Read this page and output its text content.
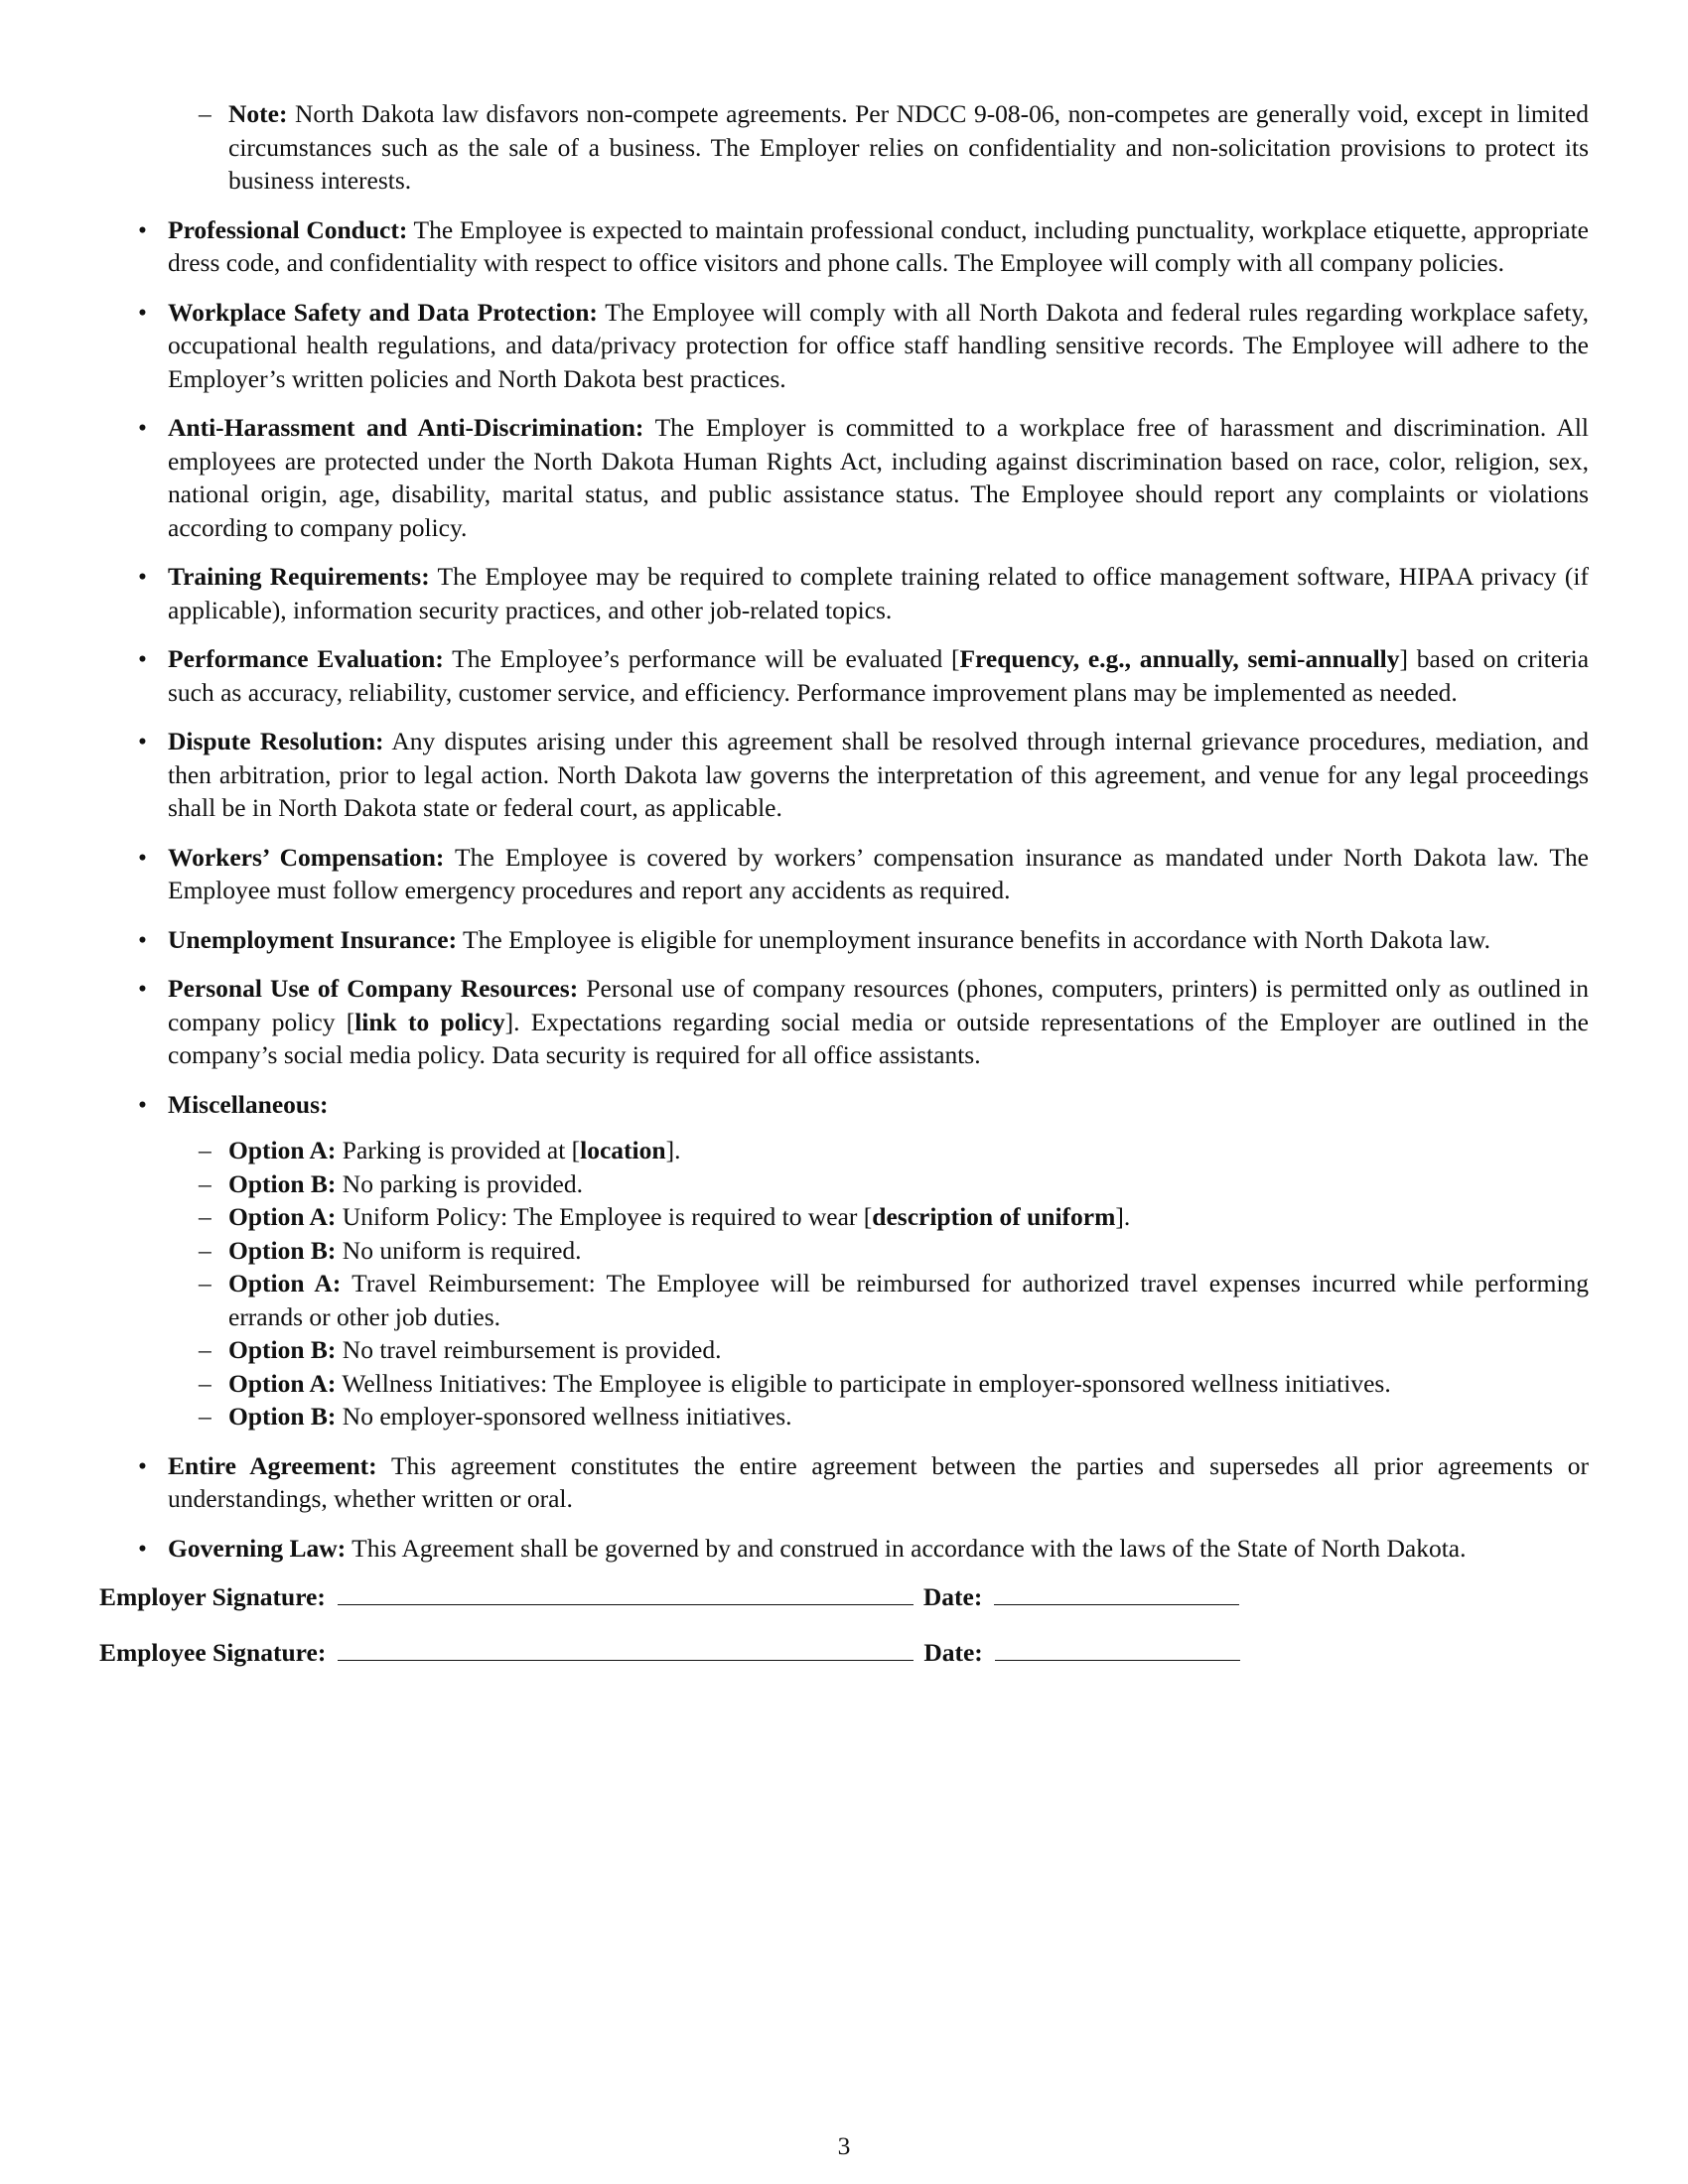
– Note: North Dakota law disfavors non-compete agreements. Per NDCC 9-08-06, non-competes are generally void, except in limited circumstances such as the sale of a business. The Employer relies on confidentiality and non-solicitation provisions to protect its business interests.
• Professional Conduct: The Employee is expected to maintain professional conduct, including punctuality, workplace etiquette, appropriate dress code, and confidentiality with respect to office visitors and phone calls. The Employee will comply with all company policies.
• Workplace Safety and Data Protection: The Employee will comply with all North Dakota and federal rules regarding workplace safety, occupational health regulations, and data/privacy protection for office staff handling sensitive records. The Employee will adhere to the Employer’s written policies and North Dakota best practices.
• Anti-Harassment and Anti-Discrimination: The Employer is committed to a workplace free of harassment and discrimination. All employees are protected under the North Dakota Human Rights Act, including against discrimination based on race, color, religion, sex, national origin, age, disability, marital status, and public assistance status. The Employee should report any complaints or violations according to company policy.
• Training Requirements: The Employee may be required to complete training related to office management software, HIPAA privacy (if applicable), information security practices, and other job-related topics.
• Performance Evaluation: The Employee’s performance will be evaluated [Frequency, e.g., annually, semi-annually] based on criteria such as accuracy, reliability, customer service, and efficiency. Performance improvement plans may be implemented as needed.
• Dispute Resolution: Any disputes arising under this agreement shall be resolved through internal grievance procedures, mediation, and then arbitration, prior to legal action. North Dakota law governs the interpretation of this agreement, and venue for any legal proceedings shall be in North Dakota state or federal court, as applicable.
• Workers’ Compensation: The Employee is covered by workers’ compensation insurance as mandated under North Dakota law. The Employee must follow emergency procedures and report any accidents as required.
• Unemployment Insurance: The Employee is eligible for unemployment insurance benefits in accordance with North Dakota law.
• Personal Use of Company Resources: Personal use of company resources (phones, computers, printers) is permitted only as outlined in company policy [link to policy]. Expectations regarding social media or outside representations of the Employer are outlined in the company’s social media policy. Data security is required for all office assistants.
• Miscellaneous:
– Option A: Parking is provided at [location].
– Option B: No parking is provided.
– Option A: Uniform Policy: The Employee is required to wear [description of uniform].
– Option B: No uniform is required.
– Option A: Travel Reimbursement: The Employee will be reimbursed for authorized travel expenses incurred while performing errands or other job duties.
– Option B: No travel reimbursement is provided.
– Option A: Wellness Initiatives: The Employee is eligible to participate in employer-sponsored wellness initiatives.
– Option B: No employer-sponsored wellness initiatives.
• Entire Agreement: This agreement constitutes the entire agreement between the parties and supersedes all prior agreements or understandings, whether written or oral.
• Governing Law: This Agreement shall be governed by and construed in accordance with the laws of the State of North Dakota.
Employer Signature:	Date:
Employee Signature:	Date:
3
